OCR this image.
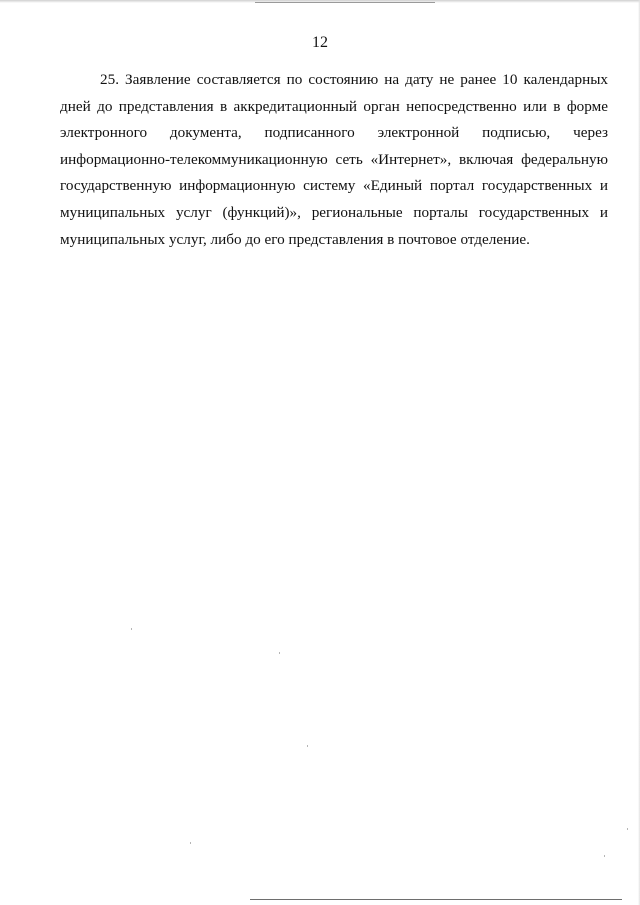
12

25. Заявление составляется по состоянию на дату не ранее 10 календарных дней до представления в аккредитационный орган непосредственно или в форме электронного документа, подписанного электронной подписью, через информационно-телекоммуникационную сеть «Интернет», включая федеральную государственную информационную систему «Единый портал государственных и муниципальных услуг (функций)», региональные порталы государственных и муниципальных услуг, либо до его представления в почтовое отделение.
